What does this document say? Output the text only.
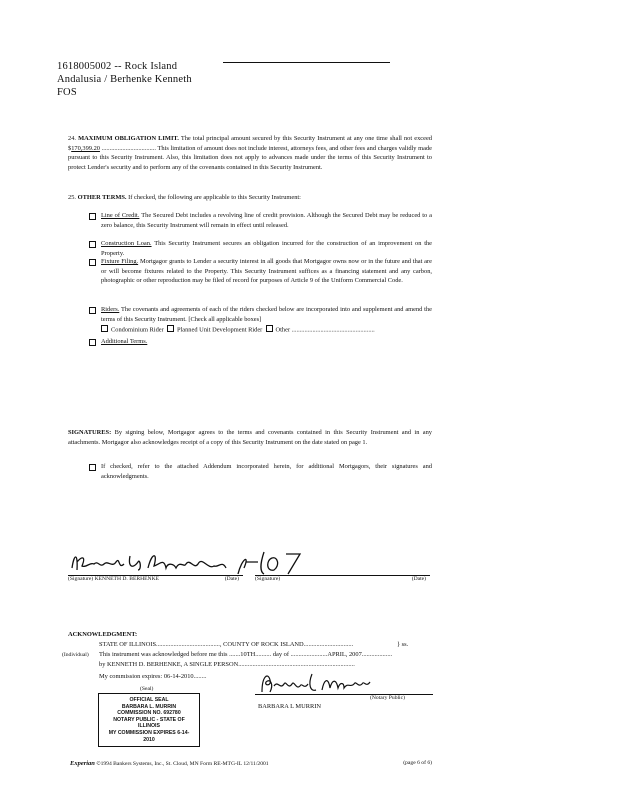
1618005002 -- Rock Island
Andalusia / Berhenke Kenneth
FOS
24. MAXIMUM OBLIGATION LIMIT. The total principal amount secured by this Security Instrument at any one time shall not exceed $170,399.20 .................................. This limitation of amount does not include interest, attorneys fees, and other fees and charges validly made pursuant to this Security Instrument. Also, this limitation does not apply to advances made under the terms of this Security Instrument to protect Lender's security and to perform any of the covenants contained in this Security Instrument.
25. OTHER TERMS. If checked, the following are applicable to this Security Instrument:
Line of Credit. The Secured Debt includes a revolving line of credit provision. Although the Secured Debt may be reduced to a zero balance, this Security Instrument will remain in effect until released.
Construction Loan. This Security Instrument secures an obligation incurred for the construction of an improvement on the Property.
Fixture Filing. Mortgagor grants to Lender a security interest in all goods that Mortgagor owns now or in the future and that are or will become fixtures related to the Property. This Security Instrument suffices as a financing statement and any carbon, photographic or other reproduction may be filed of record for purposes of Article 9 of the Uniform Commercial Code.
Riders. The covenants and agreements of each of the riders checked below are incorporated into and supplement and amend the terms of this Security Instrument. [Check all applicable boxes]
Condominium Rider Planned Unit Development Rider Other ....................................................
Additional Terms.
SIGNATURES: By signing below, Mortgagor agrees to the terms and covenants contained in this Security Instrument and in any attachments. Mortgagor also acknowledges receipt of a copy of this Security Instrument on the date stated on page 1.
If checked, refer to the attached Addendum incorporated herein, for additional Mortgagors, their signatures and acknowledgments.
(Signature) KENNETH D. BERHENKE	(Date)	(Signature)	(Date)
ACKNOWLEDGMENT:
STATE OF ILLINOIS........................................, COUNTY OF ROCK ISLAND...............................	} ss.
(Individual) This instrument was acknowledged before me this .......10TH.......... day of .......................APRIL, 2007...................
by KENNETH D. BERHENKE, A SINGLE PERSON.........................................................................
My commission expires: 06-14-2010........
(Seal)
(Notary Public)
BARBARA L MURRIN
OFFICIAL SEAL
BARBARA L. MURRIN
COMMISSION NO. 692780
NOTARY PUBLIC - STATE OF ILLINOIS
MY COMMISSION EXPIRES 6-14-2010
Experian ©1994 Bankers Systems, Inc., St. Cloud, MN Form RE-MTG-IL 12/11/2001	(page 6 of 6)
